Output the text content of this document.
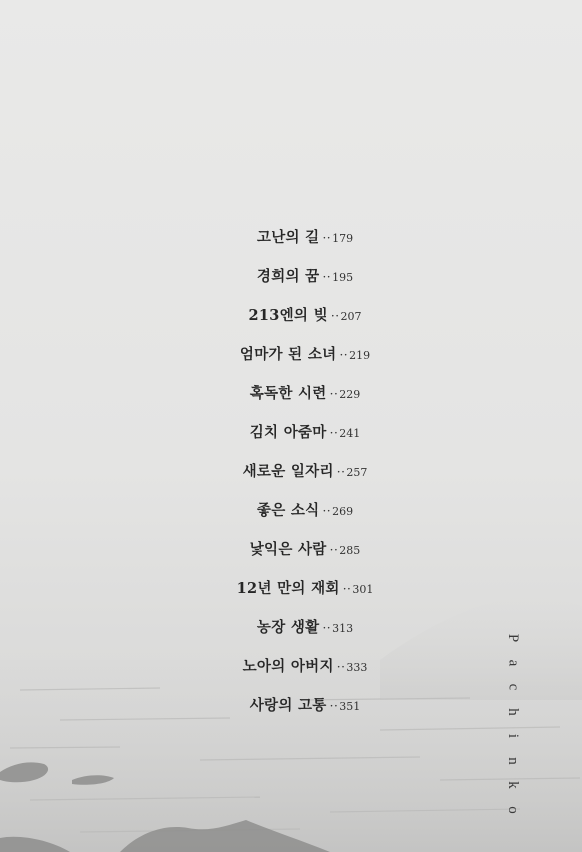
고난의 길 ··179
경희의 꿈 ··195
213엔의 빚 ··207
엄마가 된 소녀 ··219
혹독한 시련 ··229
김치 아줌마 ··241
새로운 일자리 ··257
좋은 소식 ··269
낯익은 사람 ··285
12년 만의 재회 ··301
농장 생활 ··313
노아의 아버지 ··333
사랑의 고통 ··351
P
a
c
h
i
n
k
o
